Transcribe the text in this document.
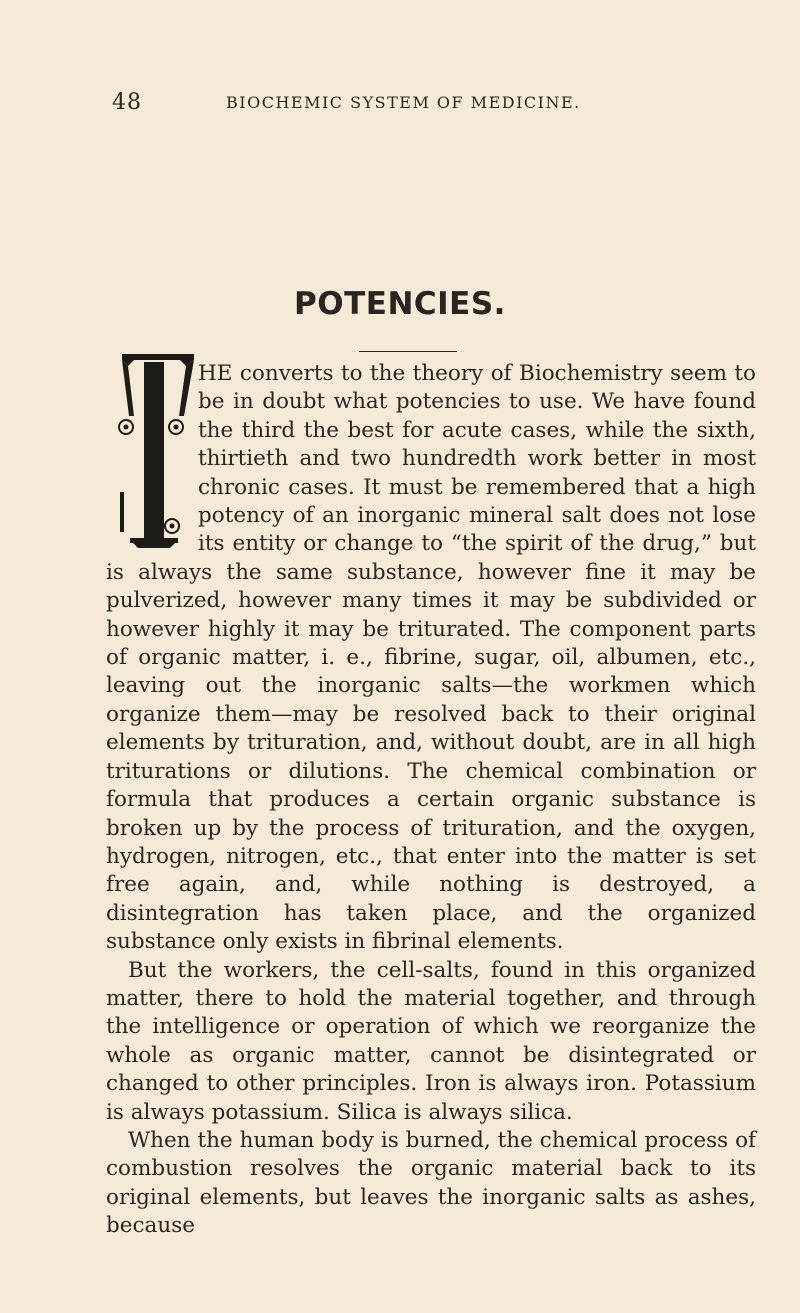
48	BIOCHEMIC SYSTEM OF MEDICINE.
POTENCIES.

HE converts to the theory of Biochemistry seem to be in doubt what potencies to use. We have found the third the best for acute cases, while the sixth, thirtieth and two hundredth work better in most chronic cases. It must be remembered that a high potency of an inorganic mineral salt does not lose its entity or change to “the spirit of the drug,” but is always the same substance, however fine it may be pulverized, however many times it may be subdivided or however highly it may be triturated. The component parts of organic matter, i. e., fibrine, sugar, oil, albumen, etc., leaving out the inorganic salts—the workmen which organize them—may be resolved back to their original elements by trituration, and, without doubt, are in all high triturations or dilutions. The chemical combination or formula that produces a certain organic substance is broken up by the process of trituration, and the oxygen, hydrogen, nitrogen, etc., that enter into the matter is set free again, and, while nothing is destroyed, a disintegration has taken place, and the organized substance only exists in fibrinal elements.

But the workers, the cell-salts, found in this organized matter, there to hold the material together, and through the intelligence or operation of which we reorganize the whole as organic matter, cannot be disintegrated or changed to other principles. Iron is always iron. Potassium is always potassium. Silica is always silica.

When the human body is burned, the chemical process of combustion resolves the organic material back to its original elements, but leaves the inorganic salts as ashes, because
